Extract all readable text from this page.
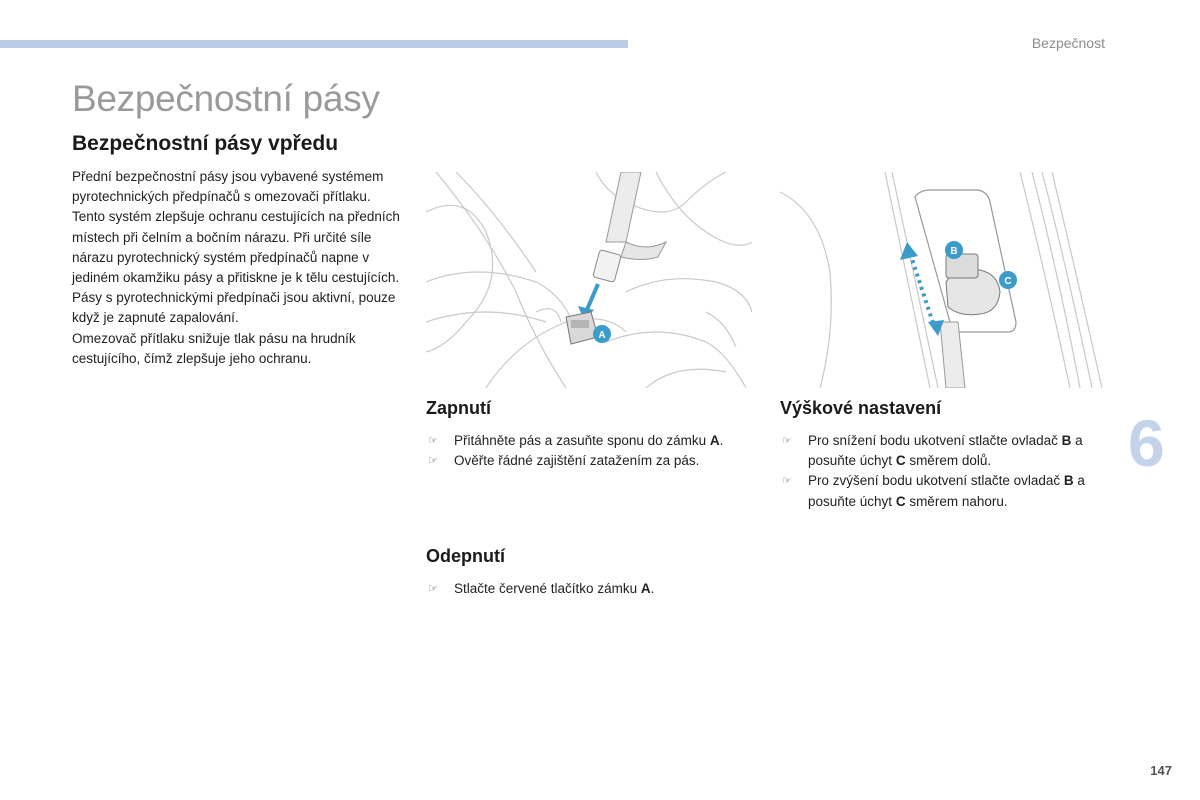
Bezpečnost
Bezpečnostní pásy
Bezpečnostní pásy vpředu

Přední bezpečnostní pásy jsou vybavené systémem pyrotechnických předpínačů s omezovači přítlaku.

Tento systém zlepšuje ochranu cestujících na předních místech při čelním a bočním nárazu. Při určité síle nárazu pyrotechnický systém předpínačů napne v jediném okamžiku pásy a přitiskne je k tělu cestujících.

Pásy s pyrotechnickými předpínači jsou aktivní, pouze když je zapnuté zapalování.

Omezovač přítlaku snižuje tlak pásu na hrudník cestujícího, čímž zlepšuje jeho ochranu.

A
B
C
Zapnutí
☞ Přitáhněte pás a zasuňte sponu do zámku A.
☞ Ověřte řádné zajištění zatažením za pás.
Odepnutí
☞ Stlačte červené tlačítko zámku A.
Výškové nastavení
☞ Pro snížení bodu ukotvení stlačte ovladač B a posuňte úchyt C směrem dolů.
☞ Pro zvýšení bodu ukotvení stlačte ovladač B a posuňte úchyt C směrem nahoru.
6
147
